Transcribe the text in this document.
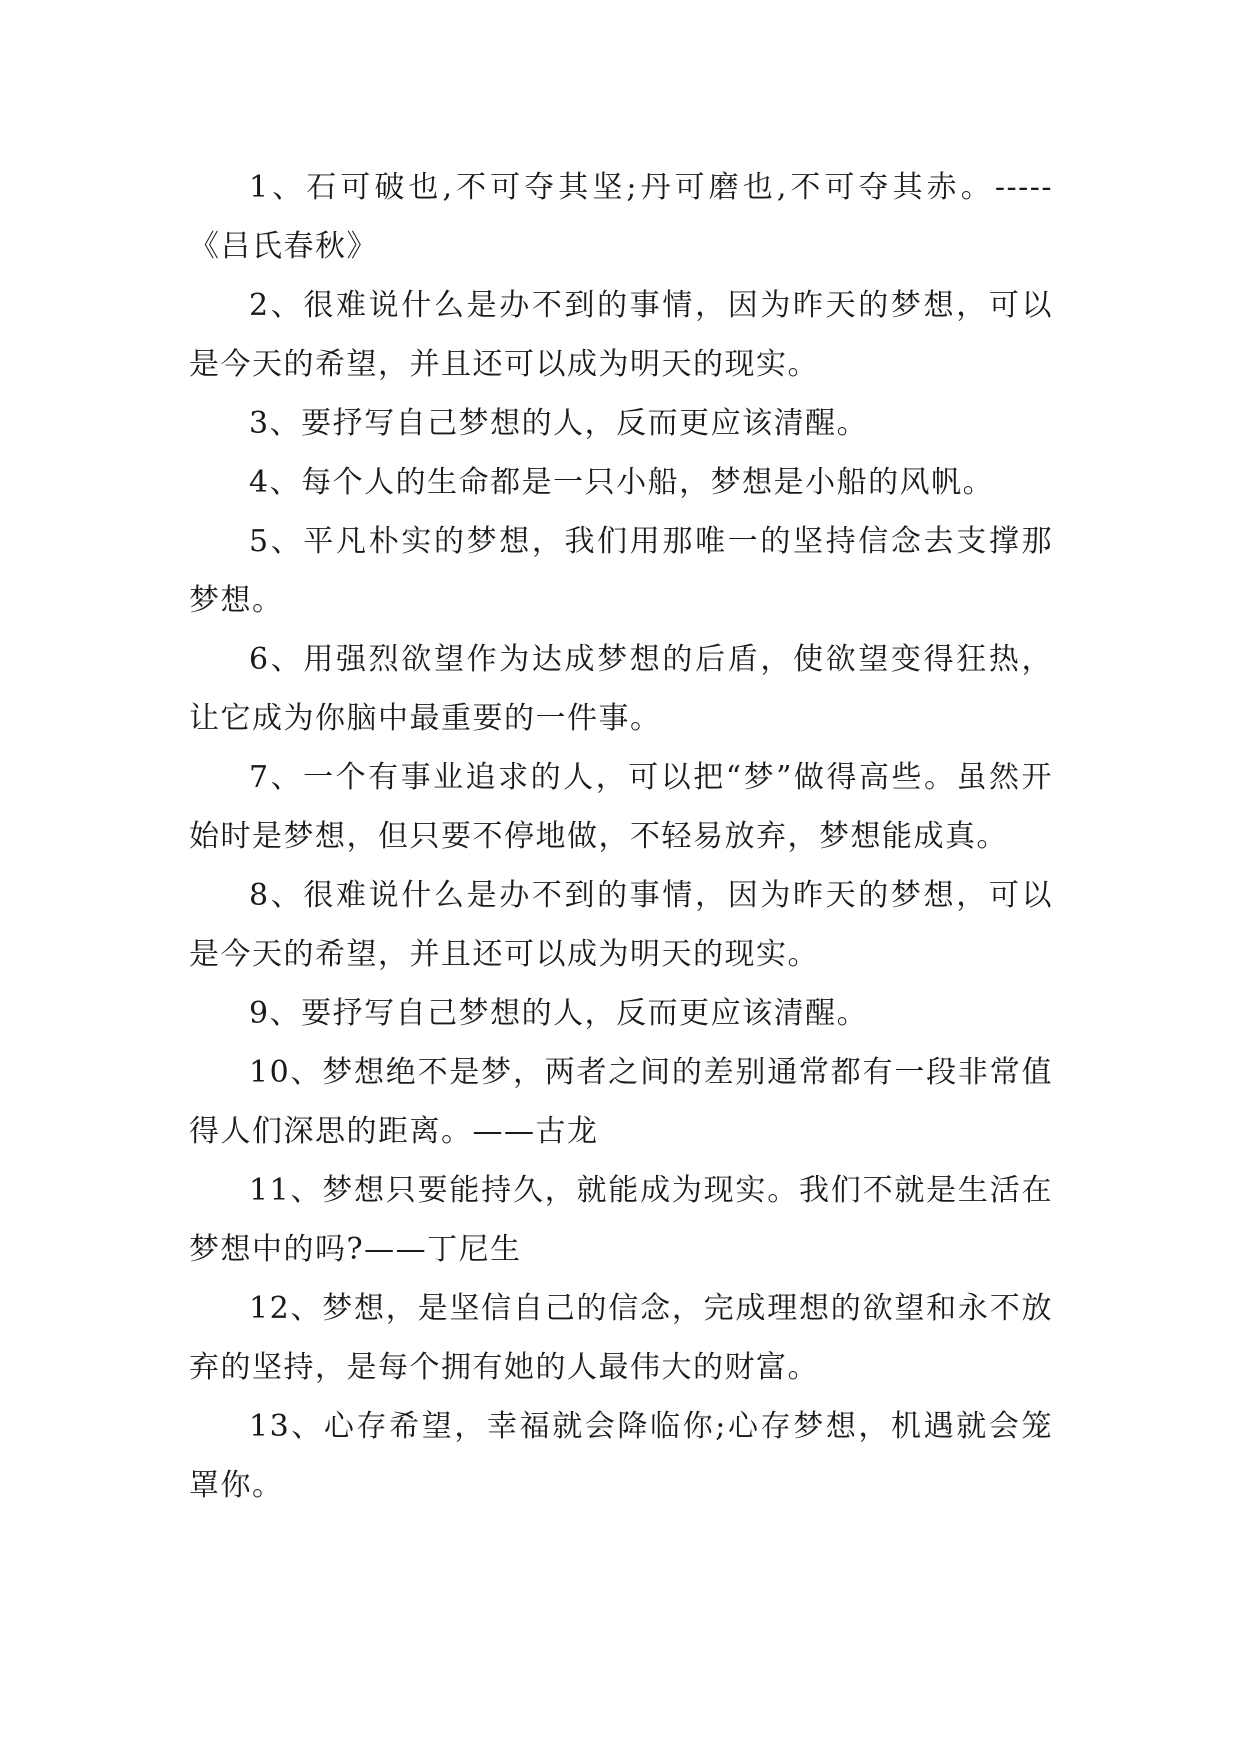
1、石可破也,不可夺其坚;丹可磨也,不可夺其赤。-----《吕氏春秋》

2、很难说什么是办不到的事情，因为昨天的梦想，可以是今天的希望，并且还可以成为明天的现实。

3、要抒写自己梦想的人，反而更应该清醒。

4、每个人的生命都是一只小船，梦想是小船的风帆。

5、平凡朴实的梦想，我们用那唯一的坚持信念去支撑那梦想。

6、用强烈欲望作为达成梦想的后盾，使欲望变得狂热，让它成为你脑中最重要的一件事。

7、一个有事业追求的人，可以把“梦”做得高些。虽然开始时是梦想，但只要不停地做，不轻易放弃，梦想能成真。

8、很难说什么是办不到的事情，因为昨天的梦想，可以是今天的希望，并且还可以成为明天的现实。

9、要抒写自己梦想的人，反而更应该清醒。

10、梦想绝不是梦，两者之间的差别通常都有一段非常值得人们深思的距离。——古龙

11、梦想只要能持久，就能成为现实。我们不就是生活在梦想中的吗?——丁尼生

12、梦想，是坚信自己的信念，完成理想的欲望和永不放弃的坚持，是每个拥有她的人最伟大的财富。

13、心存希望，幸福就会降临你;心存梦想，机遇就会笼罩你。
